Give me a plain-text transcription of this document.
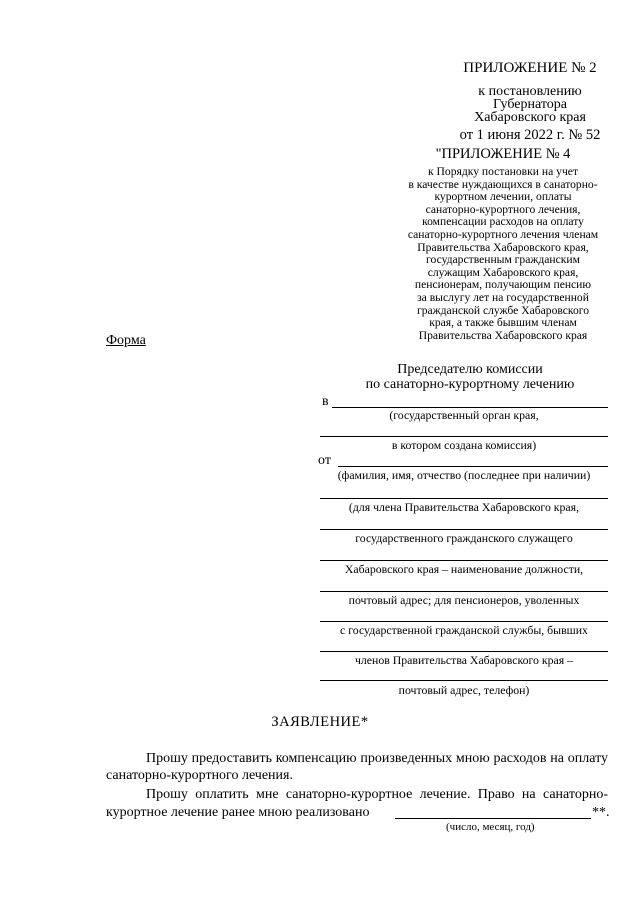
ПРИЛОЖЕНИЕ № 2
к постановлению
Губернатора
Хабаровского края
от 1 июня 2022 г. № 52
"ПРИЛОЖЕНИЕ № 4
к Порядку постановки на учет
в качестве нуждающихся в санаторно-
курортном лечении, оплаты
санаторно-курортного лечения,
компенсации расходов на оплату
санаторно-курортного лечения членам
Правительства Хабаровского края,
государственным гражданским
служащим Хабаровского края,
пенсионерам, получающим пенсию
за выслугу лет на государственной
гражданской службе Хабаровского
края, а также бывшим членам
Правительства Хабаровского края
Форма
Председателю комиссии
по санаторно-курортному лечению
в
(государственный орган края,
в котором создана комиссия)
от
(фамилия, имя, отчество (последнее при наличии)
(для члена Правительства Хабаровского края,
государственного гражданского служащего
Хабаровского края – наименование должности,
почтовый адрес; для пенсионеров, уволенных
с государственной гражданской службы, бывших
членов Правительства Хабаровского края –
почтовый адрес, телефон)
ЗАЯВЛЕНИЕ*
Прошу предоставить компенсацию произведенных мною расходов на оплату санаторно-курортного лечения.
Прошу оплатить мне санаторно-курортное лечение. Право на санаторно-
курортное лечение ранее мною реализовано	**.
(число, месяц, год)
